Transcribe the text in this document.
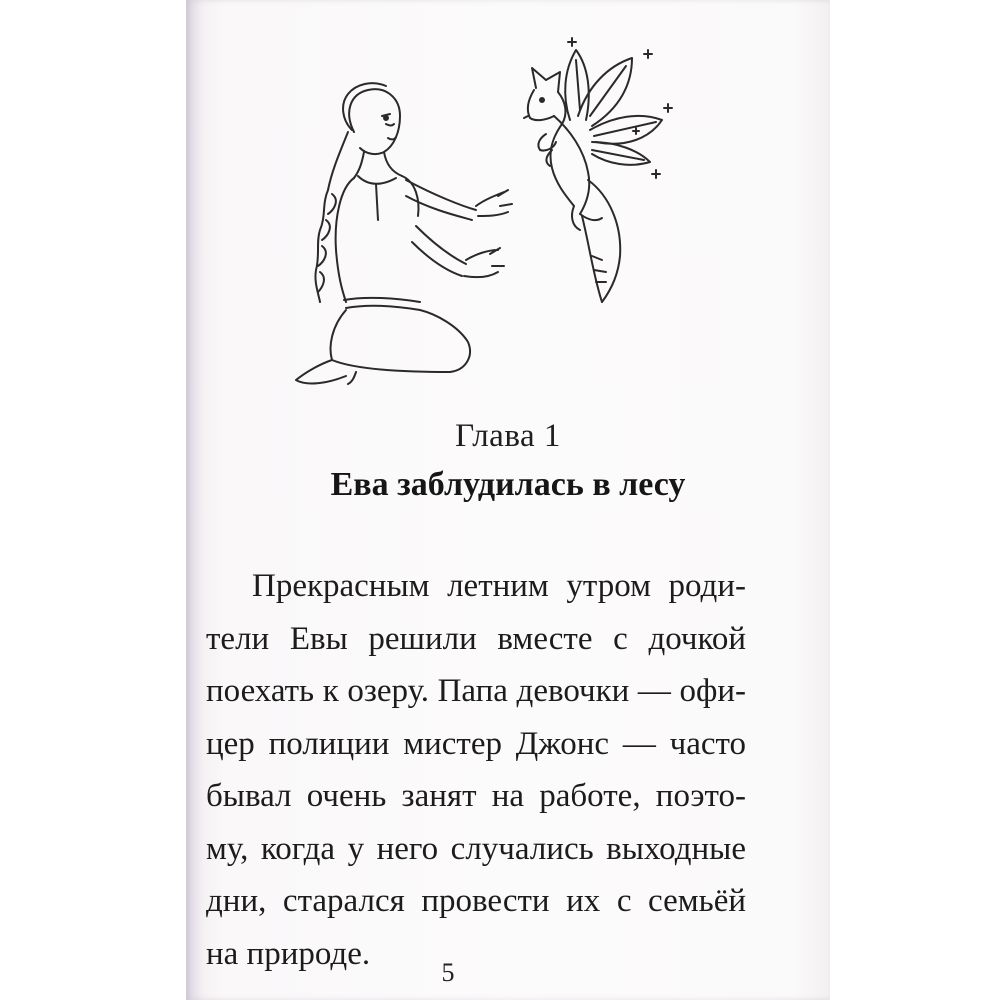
Глава 1
Ева заблудилась в лесу
Прекрасным летним утром роди-
тели Евы решили вместе с дочкой
поехать к озеру. Папа девочки — офи-
цер полиции мистер Джонс — часто
бывал очень занят на работе, поэто-
му, когда у него случались выходные
дни, старался провести их с семьёй
на природе.
5
